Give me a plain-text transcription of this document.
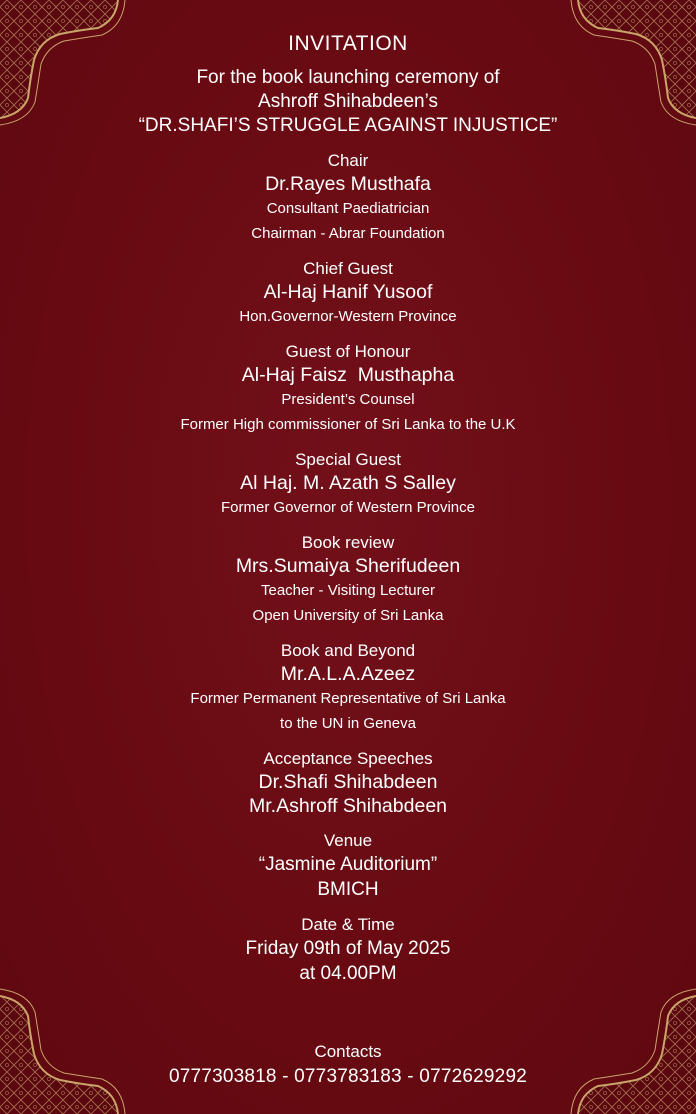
INVITATION
For the book launching ceremony of
Ashroff Shihabdeen’s
“DR.SHAFI’S STRUGGLE AGAINST INJUSTICE”
Chair
Dr.Rayes Musthafa
Consultant Paediatrician
Chairman - Abrar Foundation
Chief Guest
Al-Haj Hanif Yusoof
Hon.Governor-Western Province
Guest of Honour
Al-Haj Faisz  Musthapha
President’s Counsel
Former High commissioner of Sri Lanka to the U.K
Special Guest
Al Haj. M. Azath S Salley
Former Governor of Western Province
Book review
Mrs.Sumaiya Sherifudeen
Teacher - Visiting Lecturer
Open University of Sri Lanka
Book and Beyond
Mr.A.L.A.Azeez
Former Permanent Representative of Sri Lanka
to the UN in Geneva
Acceptance Speeches
Dr.Shafi Shihabdeen
Mr.Ashroff Shihabdeen
Venue
“Jasmine Auditorium”
BMICH
Date & Time
Friday 09th of May 2025
at 04.00PM
Contacts
0777303818 - 0773783183 - 0772629292
